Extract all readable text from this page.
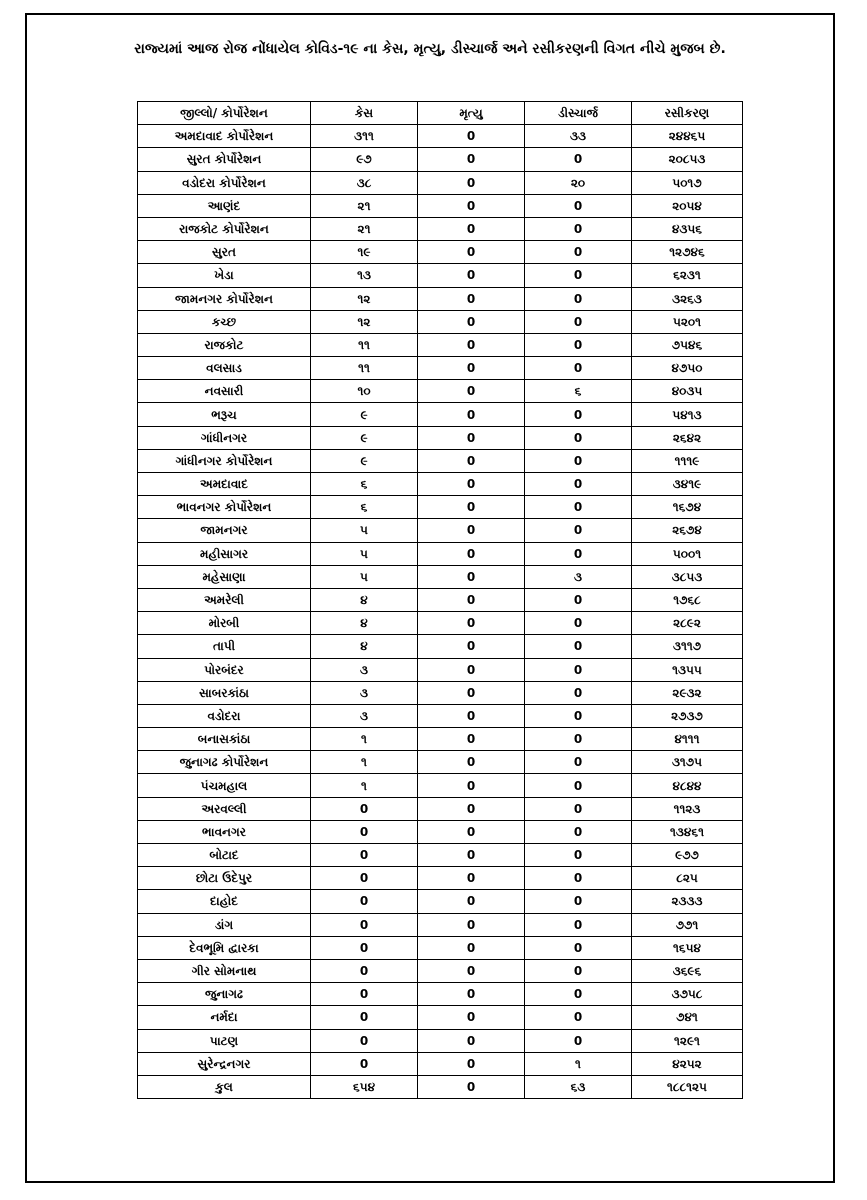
રાજ્યમાં આજ રોજ નોંધાયેલ કોવિડ-૧૯ ના કેસ, મૃત્યુ, ડીસ્ચાર્જ અને રસીકરણની વિગત નીચે મુજબ છે.
જીલ્લો/ કોર્પોરેશન	કેસ	મૃત્યુ	ડીસ્ચાર્જ	રસીકરણ
અમદાવાદ કોર્પોરેશન	૩૧૧	0	૩૩	૨૪૪૬૫
સુરત કોર્પોરેશન	૯૭	0	0	૨૦૮૫૩
વડોદરા કોર્પોરેશન	૩૮	0	૨૦	૫૦૧૭
આણંદ	૨૧	0	0	૨૦૫૪
રાજકોટ કોર્પોરેશન	૨૧	0	0	૪૩૫૬
સુરત	૧૯	0	0	૧૨૭૪૬
ખેડા	૧૩	0	0	૬૨૩૧
જામનગર કોર્પોરેશન	૧૨	0	0	૩૨૬૩
કચ્છ	૧૨	0	0	૫૨૦૧
રાજકોટ	૧૧	0	0	૭૫૪૬
વલસાડ	૧૧	0	0	૪૭૫૦
નવસારી	૧૦	0	૬	૪૦૩૫
ભરૂચ	૯	0	0	૫૪૧૩
ગાંધીનગર	૯	0	0	૨૬૪૨
ગાંધીનગર કોર્પોરેશન	૯	0	0	૧૧૧૯
અમદાવાદ	૬	0	0	૩૪૧૯
ભાવનગર કોર્પોરેશન	૬	0	0	૧૬૭૪
જામનગર	૫	0	0	૨૬૭૪
મહીસાગર	૫	0	0	૫૦૦૧
મહેસાણા	૫	0	૩	૩૮૫૩
અમરેલી	૪	0	0	૧૭૬૮
મોરબી	૪	0	0	૨૮૯૨
તાપી	૪	0	0	૩૧૧૭
પોરબંદર	૩	0	0	૧૩૫૫
સાબરકાંઠા	૩	0	0	૨૯૩૨
વડોદરા	૩	0	0	૨૭૩૭
બનાસકાંઠા	૧	0	0	૪૧૧૧
જુનાગઢ કોર્પોરેશન	૧	0	0	૩૧૭૫
પંચમહાલ	૧	0	0	૪૮૪૪
અરવલ્લી	0	0	0	૧૧૨૩
ભાવનગર	0	0	0	૧૩૪૬૧
બોટાદ	0	0	0	૯૭૭
છોટા ઉદેપુર	0	0	0	૮૨૫
દાહોદ	0	0	0	૨૩૩૩
ડાંગ	0	0	0	૭૭૧
દેવભૂમિ દ્વારકા	0	0	0	૧૬૫૪
ગીર સોમનાથ	0	0	0	૩૬૯૬
જુનાગઢ	0	0	0	૩૭૫૮
નર્મદા	0	0	0	૭૪૧
પાટણ	0	0	0	૧૨૯૧
સુરેન્દ્રનગર	0	0	૧	૪૨૫૨
કુલ	૬૫૪	0	૬૩	૧૮૮૧૨૫
